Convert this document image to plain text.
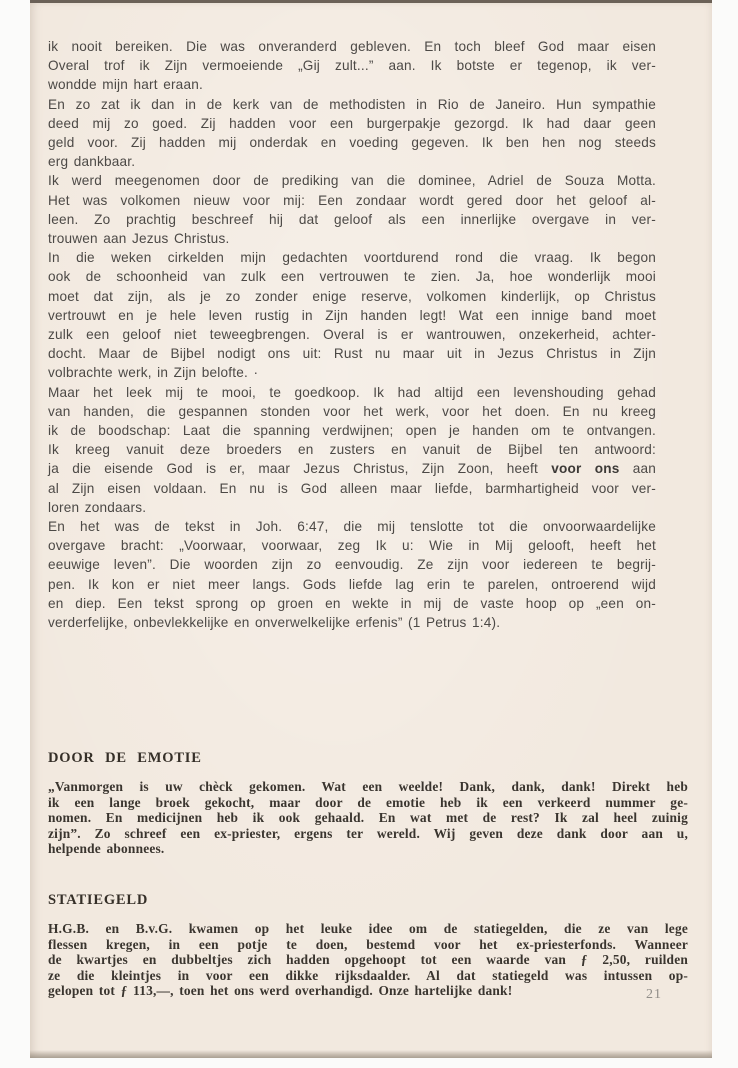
ik nooit bereiken. Die was onveranderd gebleven. En toch bleef God maar eisen
Overal trof ik Zijn vermoeiende „Gij zult...” aan. Ik botste er tegenop, ik ver-
wondde mijn hart eraan.
En zo zat ik dan in de kerk van de methodisten in Rio de Janeiro. Hun sympathie
deed mij zo goed. Zij hadden voor een burgerpakje gezorgd. Ik had daar geen
geld voor. Zij hadden mij onderdak en voeding gegeven. Ik ben hen nog steeds
erg dankbaar.
Ik werd meegenomen door de prediking van die dominee, Adriel de Souza Motta.
Het was volkomen nieuw voor mij: Een zondaar wordt gered door het geloof al-
leen. Zo prachtig beschreef hij dat geloof als een innerlijke overgave in ver-
trouwen aan Jezus Christus.
In die weken cirkelden mijn gedachten voortdurend rond die vraag. Ik begon
ook de schoonheid van zulk een vertrouwen te zien. Ja, hoe wonderlijk mooi
moet dat zijn, als je zo zonder enige reserve, volkomen kinderlijk, op Christus
vertrouwt en je hele leven rustig in Zijn handen legt! Wat een innige band moet
zulk een geloof niet teweegbrengen. Overal is er wantrouwen, onzekerheid, achter-
docht. Maar de Bijbel nodigt ons uit: Rust nu maar uit in Jezus Christus in Zijn
volbrachte werk, in Zijn belofte. ·
Maar het leek mij te mooi, te goedkoop. Ik had altijd een levenshouding gehad
van handen, die gespannen stonden voor het werk, voor het doen. En nu kreeg
ik de boodschap: Laat die spanning verdwijnen; open je handen om te ontvangen.
Ik kreeg vanuit deze broeders en zusters en vanuit de Bijbel ten antwoord:
ja die eisende God is er, maar Jezus Christus, Zijn Zoon, heeft voor ons aan
al Zijn eisen voldaan. En nu is God alleen maar liefde, barmhartigheid voor ver-
loren zondaars.
En het was de tekst in Joh. 6:47, die mij tenslotte tot die onvoorwaardelijke
overgave bracht: „Voorwaar, voorwaar, zeg Ik u: Wie in Mij gelooft, heeft het
eeuwige leven”. Die woorden zijn zo eenvoudig. Ze zijn voor iedereen te begrij-
pen. Ik kon er niet meer langs. Gods liefde lag erin te parelen, ontroerend wijd
en diep. Een tekst sprong op groen en wekte in mij de vaste hoop op „een on-
verderfelijke, onbevlekkelijke en onverwelkelijke erfenis” (1 Petrus 1:4).
DOOR DE EMOTIE
„Vanmorgen is uw chèck gekomen. Wat een weelde! Dank, dank, dank! Direkt heb
ik een lange broek gekocht, maar door de emotie heb ik een verkeerd nummer ge-
nomen. En medicijnen heb ik ook gehaald. En wat met de rest? Ik zal heel zuinig
zijn”. Zo schreef een ex-priester, ergens ter wereld. Wij geven deze dank door aan u,
helpende abonnees.
STATIEGELD
H.G.B. en B.v.G. kwamen op het leuke idee om de statiegelden, die ze van lege
flessen kregen, in een potje te doen, bestemd voor het ex-priesterfonds. Wanneer
de kwartjes en dubbeltjes zich hadden opgehoopt tot een waarde van ƒ 2,50, ruilden
ze die kleintjes in voor een dikke rijksdaalder. Al dat statiegeld was intussen op-
gelopen tot ƒ 113,—, toen het ons werd overhandigd. Onze hartelijke dank!	21
